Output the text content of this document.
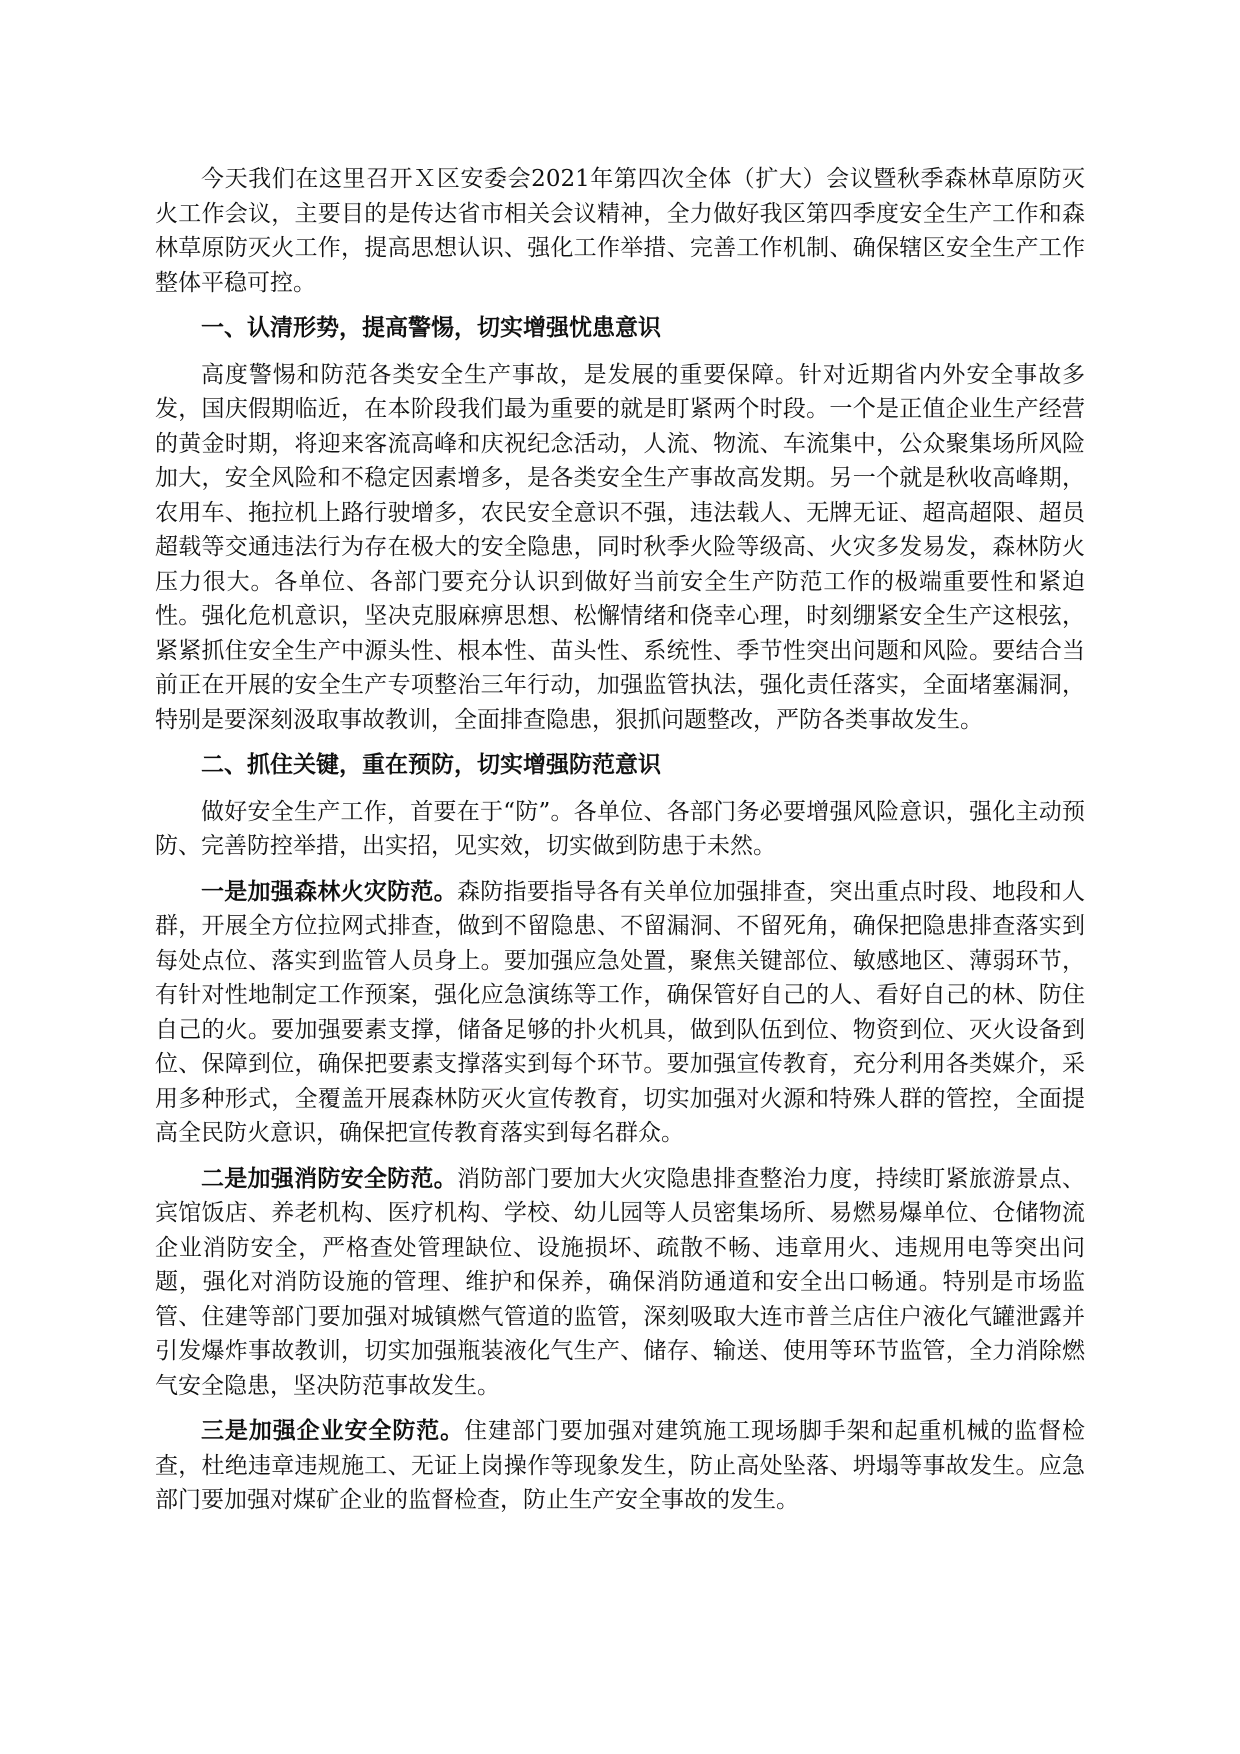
今天我们在这里召开Ｘ区安委会2021年第四次全体（扩大）会议暨秋季森林草原防灭火工作会议，主要目的是传达省市相关会议精神，全力做好我区第四季度安全生产工作和森林草原防灭火工作，提高思想认识、强化工作举措、完善工作机制、确保辖区安全生产工作整体平稳可控。

一、认清形势，提高警惕，切实增强忧患意识

高度警惕和防范各类安全生产事故，是发展的重要保障。针对近期省内外安全事故多发，国庆假期临近，在本阶段我们最为重要的就是盯紧两个时段。一个是正值企业生产经营的黄金时期，将迎来客流高峰和庆祝纪念活动，人流、物流、车流集中，公众聚集场所风险加大，安全风险和不稳定因素增多，是各类安全生产事故高发期。另一个就是秋收高峰期，农用车、拖拉机上路行驶增多，农民安全意识不强，违法载人、无牌无证、超高超限、超员超载等交通违法行为存在极大的安全隐患，同时秋季火险等级高、火灾多发易发，森林防火压力很大。各单位、各部门要充分认识到做好当前安全生产防范工作的极端重要性和紧迫性。强化危机意识，坚决克服麻痹思想、松懈情绪和侥幸心理，时刻绷紧安全生产这根弦，紧紧抓住安全生产中源头性、根本性、苗头性、系统性、季节性突出问题和风险。要结合当前正在开展的安全生产专项整治三年行动，加强监管执法，强化责任落实，全面堵塞漏洞，特别是要深刻汲取事故教训，全面排查隐患，狠抓问题整改，严防各类事故发生。

二、抓住关键，重在预防，切实增强防范意识

做好安全生产工作，首要在于“防”。各单位、各部门务必要增强风险意识，强化主动预防、完善防控举措，出实招，见实效，切实做到防患于未然。

一是加强森林火灾防范。森防指要指导各有关单位加强排查，突出重点时段、地段和人群，开展全方位拉网式排查，做到不留隐患、不留漏洞、不留死角，确保把隐患排查落实到每处点位、落实到监管人员身上。要加强应急处置，聚焦关键部位、敏感地区、薄弱环节，有针对性地制定工作预案，强化应急演练等工作，确保管好自己的人、看好自己的林、防住自己的火。要加强要素支撑，储备足够的扑火机具，做到队伍到位、物资到位、灭火设备到位、保障到位，确保把要素支撑落实到每个环节。要加强宣传教育，充分利用各类媒介，采用多种形式，全覆盖开展森林防灭火宣传教育，切实加强对火源和特殊人群的管控，全面提高全民防火意识，确保把宣传教育落实到每名群众。

二是加强消防安全防范。消防部门要加大火灾隐患排查整治力度，持续盯紧旅游景点、宾馆饭店、养老机构、医疗机构、学校、幼儿园等人员密集场所、易燃易爆单位、仓储物流企业消防安全，严格查处管理缺位、设施损坏、疏散不畅、违章用火、违规用电等突出问题，强化对消防设施的管理、维护和保养，确保消防通道和安全出口畅通。特别是市场监管、住建等部门要加强对城镇燃气管道的监管，深刻吸取大连市普兰店住户液化气罐泄露并引发爆炸事故教训，切实加强瓶装液化气生产、储存、输送、使用等环节监管，全力消除燃气安全隐患，坚决防范事故发生。

三是加强企业安全防范。住建部门要加强对建筑施工现场脚手架和起重机械的监督检查，杜绝违章违规施工、无证上岗操作等现象发生，防止高处坠落、坍塌等事故发生。应急部门要加强对煤矿企业的监督检查，防止生产安全事故的发生。
